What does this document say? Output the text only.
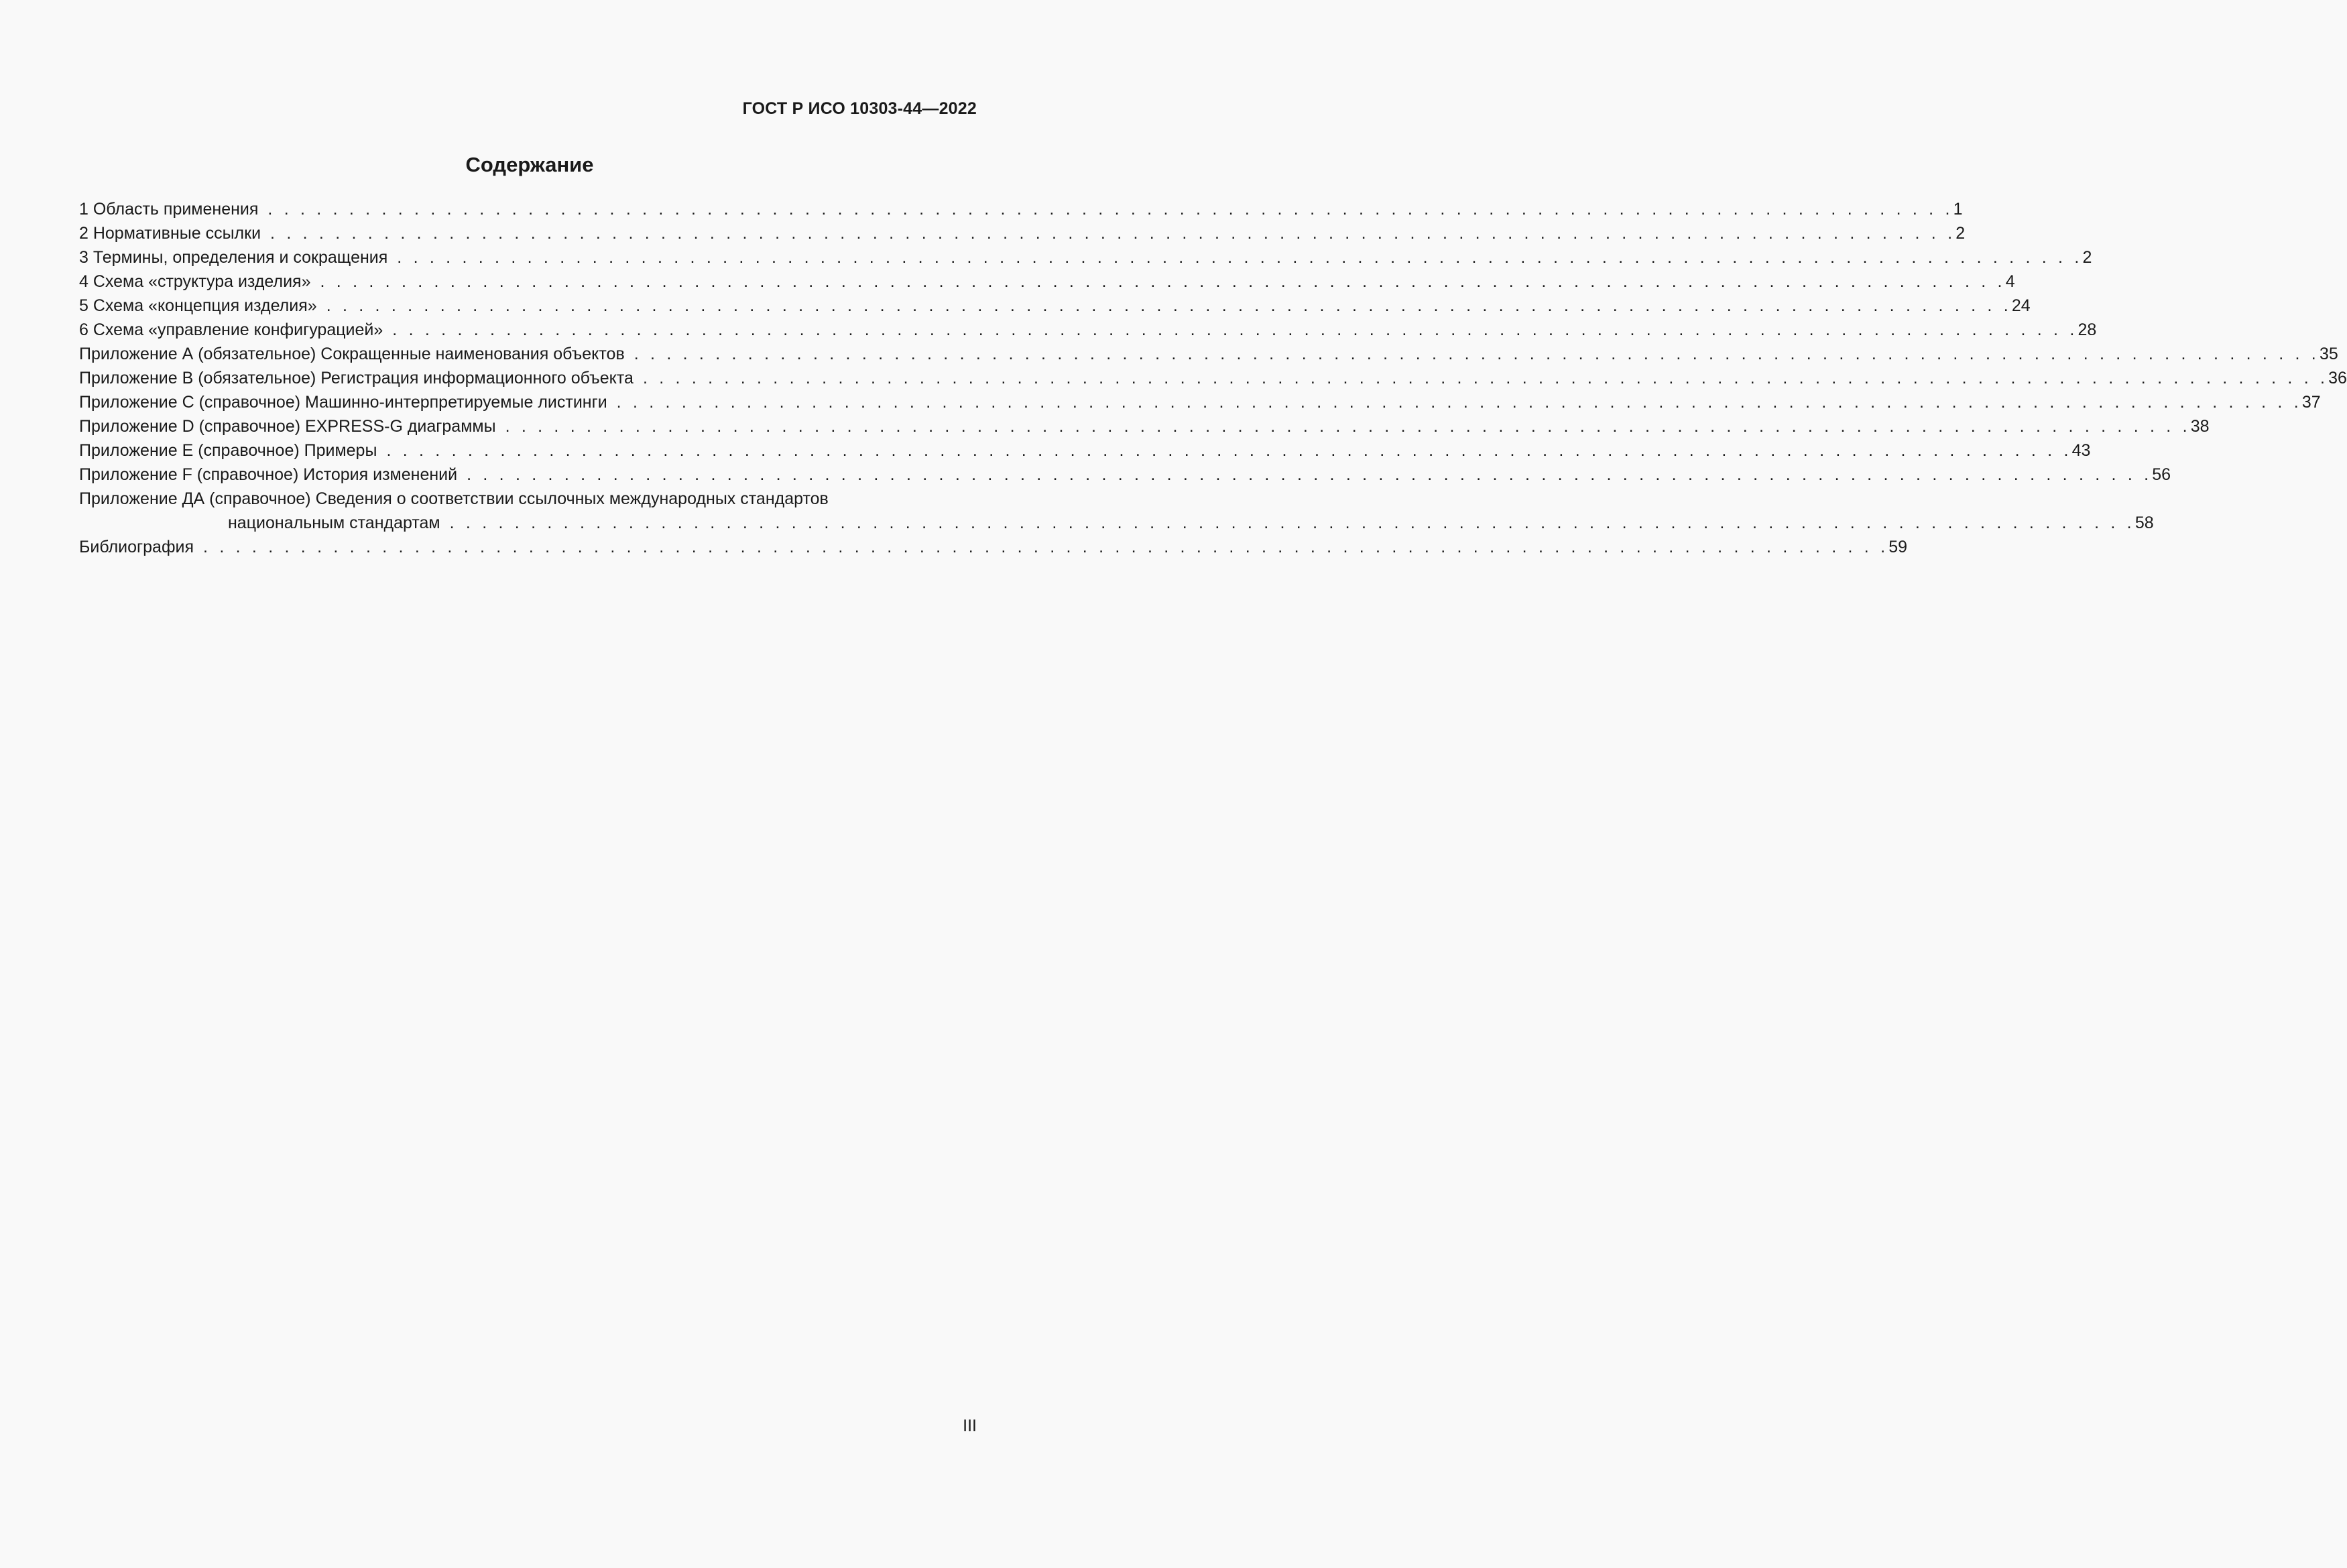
ГОСТ Р ИСО 10303-44—2022
Содержание
1 Область применения . . . . . . . . . . . . . . . . . . . . . . . . . . . . . . . . . . . . . . . . . . . . . . . . . . . . . . . . . . . . . . . . . . . . . . . . . . . . . . . . . . . . . . . . . . . . . . . . . . . . . . . . 1
2 Нормативные ссылки . . . . . . . . . . . . . . . . . . . . . . . . . . . . . . . . . . . . . . . . . . . . . . . . . . . . . . . . . . . . . . . . . . . . . . . . . . . . . . . . . . . . . . . . . . . . . . . . . . . . . . . . 2
3 Термины, определения и сокращения . . . . . . . . . . . . . . . . . . . . . . . . . . . . . . . . . . . . . . . . . . . . . . . . . . . . . . . . . . . . . . . . . . . . . . . . . . . . . . . . . . . . . . . . . . . . . . . . . . . . . . . . 2
4 Схема «структура изделия» . . . . . . . . . . . . . . . . . . . . . . . . . . . . . . . . . . . . . . . . . . . . . . . . . . . . . . . . . . . . . . . . . . . . . . . . . . . . . . . . . . . . . . . . . . . . . . . . . . . . . . . . 4
5 Схема «концепция изделия» . . . . . . . . . . . . . . . . . . . . . . . . . . . . . . . . . . . . . . . . . . . . . . . . . . . . . . . . . . . . . . . . . . . . . . . . . . . . . . . . . . . . . . . . . . . . . . . . . . . . . . . . 24
6 Схема «управление конфигурацией» . . . . . . . . . . . . . . . . . . . . . . . . . . . . . . . . . . . . . . . . . . . . . . . . . . . . . . . . . . . . . . . . . . . . . . . . . . . . . . . . . . . . . . . . . . . . . . . . . . . . . . . . 28
Приложение А (обязательное) Сокращенные наименования объектов . . . . . . . . . . . . . . . . . . . . . . . . . . . . . . . . . . . . . . . . . . . . . . . . . . . . . . . . . . . . . . . . . . . . . . . . . . . . . . . . . . . . . . . . . . . . . . . . . . . . . . . . 35
Приложение В (обязательное) Регистрация информационного объекта . . . . . . . . . . . . . . . . . . . . . . . . . . . . . . . . . . . . . . . . . . . . . . . . . . . . . . . . . . . . . . . . . . . . . . . . . . . . . . . . . . . . . . . . . . . . . . . . . . . . . . . . 36
Приложение С (справочное) Машинно-интерпретируемые листинги . . . . . . . . . . . . . . . . . . . . . . . . . . . . . . . . . . . . . . . . . . . . . . . . . . . . . . . . . . . . . . . . . . . . . . . . . . . . . . . . . . . . . . . . . . . . . . . . . . . . . . . . 37
Приложение D (справочное) EXPRESS-G диаграммы . . . . . . . . . . . . . . . . . . . . . . . . . . . . . . . . . . . . . . . . . . . . . . . . . . . . . . . . . . . . . . . . . . . . . . . . . . . . . . . . . . . . . . . . . . . . . . . . . . . . . . . . 38
Приложение E (справочное) Примеры . . . . . . . . . . . . . . . . . . . . . . . . . . . . . . . . . . . . . . . . . . . . . . . . . . . . . . . . . . . . . . . . . . . . . . . . . . . . . . . . . . . . . . . . . . . . . . . . . . . . . . . . 43
Приложение F (справочное) История изменений . . . . . . . . . . . . . . . . . . . . . . . . . . . . . . . . . . . . . . . . . . . . . . . . . . . . . . . . . . . . . . . . . . . . . . . . . . . . . . . . . . . . . . . . . . . . . . . . . . . . . . . . 56
Приложение ДА (справочное) Сведения о соответствии ссылочных международных стандартов
национальным стандартам . . . . . . . . . . . . . . . . . . . . . . . . . . . . . . . . . . . . . . . . . . . . . . . . . . . . . . . . . . . . . . . . . . . . . . . . . . . . . . . . . . . . . . . . . . . . . . . . . . . . . . . . 58
Библиография . . . . . . . . . . . . . . . . . . . . . . . . . . . . . . . . . . . . . . . . . . . . . . . . . . . . . . . . . . . . . . . . . . . . . . . . . . . . . . . . . . . . . . . . . . . . . . . . . . . . . . . . 59
III
